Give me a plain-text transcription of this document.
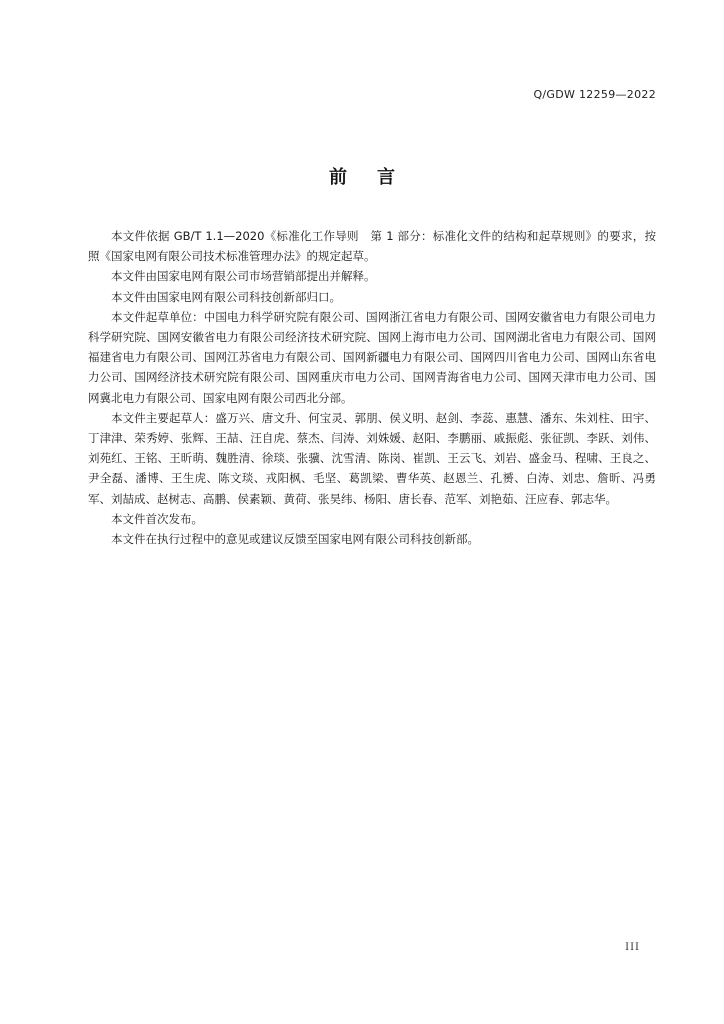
Q/GDW 12259—2022
前言

本文件依据 GB/T 1.1—2020《标准化工作导则　第 1 部分：标准化文件的结构和起草规则》的要求，按照《国家电网有限公司技术标准管理办法》的规定起草。

本文件由国家电网有限公司市场营销部提出并解释。

本文件由国家电网有限公司科技创新部归口。

本文件起草单位：中国电力科学研究院有限公司、国网浙江省电力有限公司、国网安徽省电力有限公司电力科学研究院、国网安徽省电力有限公司经济技术研究院、国网上海市电力公司、国网湖北省电力有限公司、国网福建省电力有限公司、国网江苏省电力有限公司、国网新疆电力有限公司、国网四川省电力公司、国网山东省电力公司、国网经济技术研究院有限公司、国网重庆市电力公司、国网青海省电力公司、国网天津市电力公司、国网冀北电力有限公司、国家电网有限公司西北分部。

本文件主要起草人：盛万兴、唐文升、何宝灵、郭朋、侯义明、赵剑、李蕊、惠慧、潘东、朱刘柱、田宇、丁津津、荣秀婷、张辉、王喆、汪自虎、蔡杰、闫涛、刘姝媛、赵阳、李鹏丽、戚振彪、张征凯、李跃、刘伟、刘苑红、王铭、王昕萌、魏胜清、徐琰、张骥、沈雪清、陈岗、崔凯、王云飞、刘岩、盛金马、程啸、王良之、尹全磊、潘博、王生虎、陈文琰、戎阳枫、毛坚、葛凯梁、曹华英、赵恩兰、孔赟、白涛、刘忠、詹昕、冯勇军、刘喆成、赵树志、高鹏、侯素颖、黄荷、张昊纬、杨阳、唐长春、范军、刘艳茹、汪应春、郭志华。

本文件首次发布。

本文件在执行过程中的意见或建议反馈至国家电网有限公司科技创新部。

III
